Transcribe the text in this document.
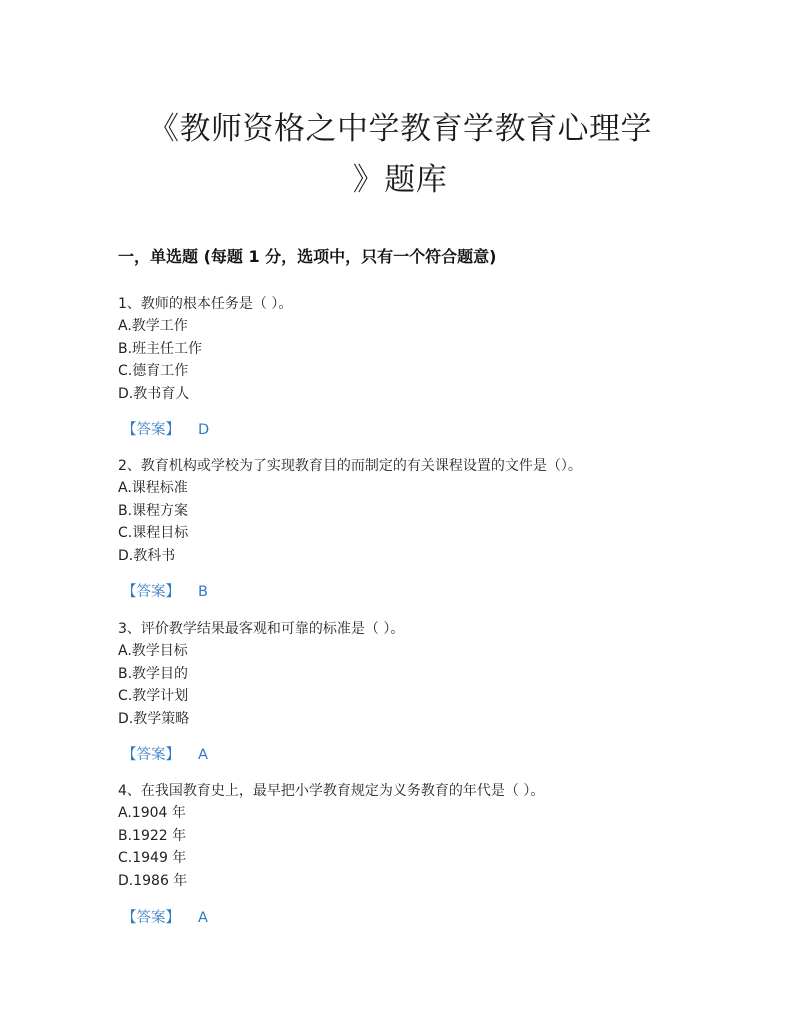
《教师资格之中学教育学教育心理学
》题库
一，单选题 (每题 1 分，选项中，只有一个符合题意)
1、教师的根本任务是（ ）。
A.教学工作
B.班主任工作
C.德育工作
D.教书育人
【答案】 D
2、教育机构或学校为了实现教育目的而制定的有关课程设置的文件是（）。
A.课程标准
B.课程方案
C.课程目标
D.教科书
【答案】 B
3、评价教学结果最客观和可靠的标准是（ ）。
A.教学目标
B.教学目的
C.教学计划
D.教学策略
【答案】 A
4、在我国教育史上，最早把小学教育规定为义务教育的年代是（ ）。
A.1904 年
B.1922 年
C.1949 年
D.1986 年
【答案】 A
